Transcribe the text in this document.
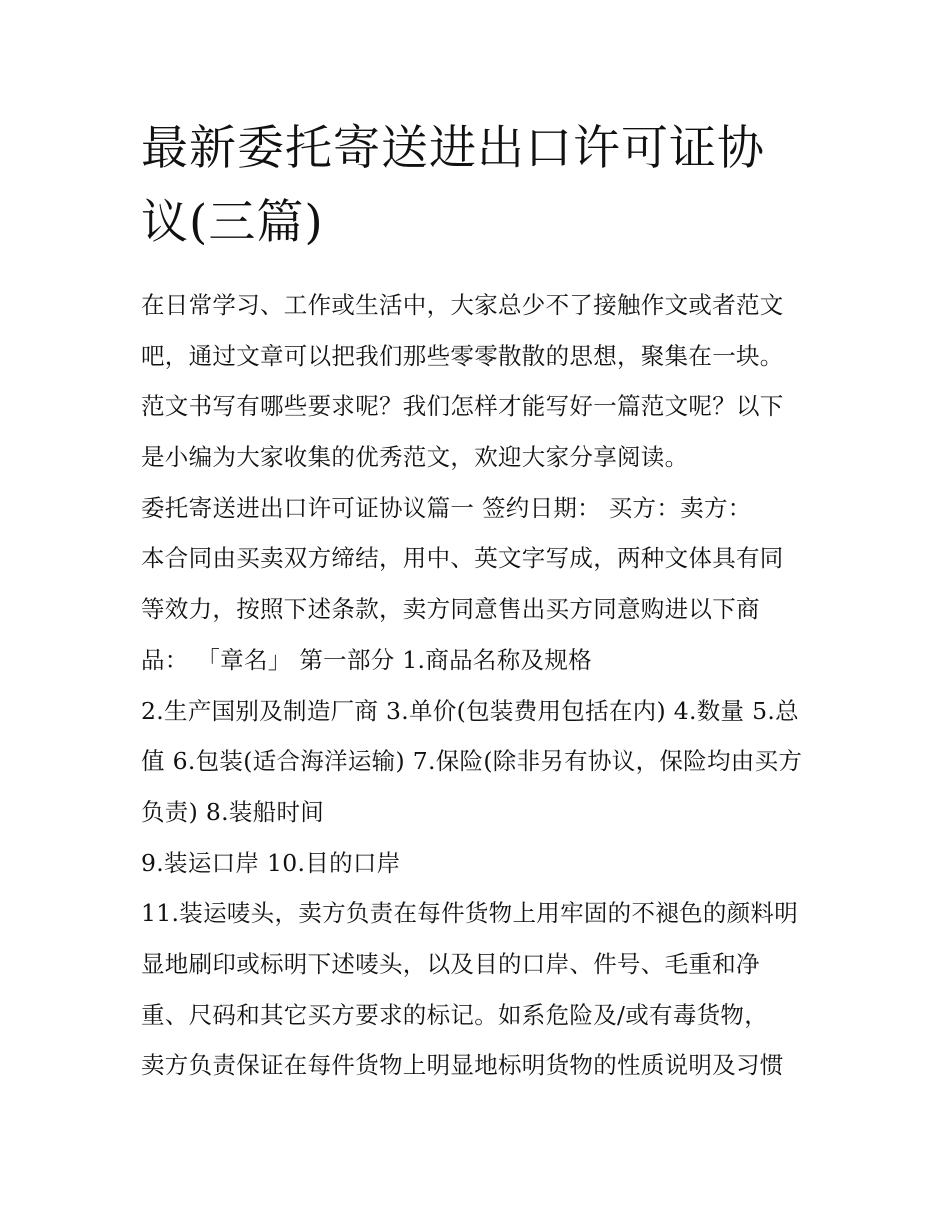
最新委托寄送进出口许可证协
议(三篇)
在日常学习、工作或生活中，大家总少不了接触作文或者范文
吧，通过文章可以把我们那些零零散散的思想，聚集在一块。
范文书写有哪些要求呢？我们怎样才能写好一篇范文呢？以下
是小编为大家收集的优秀范文，欢迎大家分享阅读。
委托寄送进出口许可证协议篇一 签约日期： 买方：卖方：
本合同由买卖双方缔结，用中、英文字写成，两种文体具有同
等效力，按照下述条款，卖方同意售出买方同意购进以下商
品： 「章名」 第一部分 1.商品名称及规格
2.生产国别及制造厂商 3.单价(包装费用包括在内) 4.数量 5.总
值 6.包装(适合海洋运输) 7.保险(除非另有协议，保险均由买方
负责) 8.装船时间
9.装运口岸 10.目的口岸
11.装运唛头，卖方负责在每件货物上用牢固的不褪色的颜料明
显地刷印或标明下述唛头，以及目的口岸、件号、毛重和净
重、尺码和其它买方要求的标记。如系危险及/或有毒货物，
卖方负责保证在每件货物上明显地标明货物的性质说明及习惯
